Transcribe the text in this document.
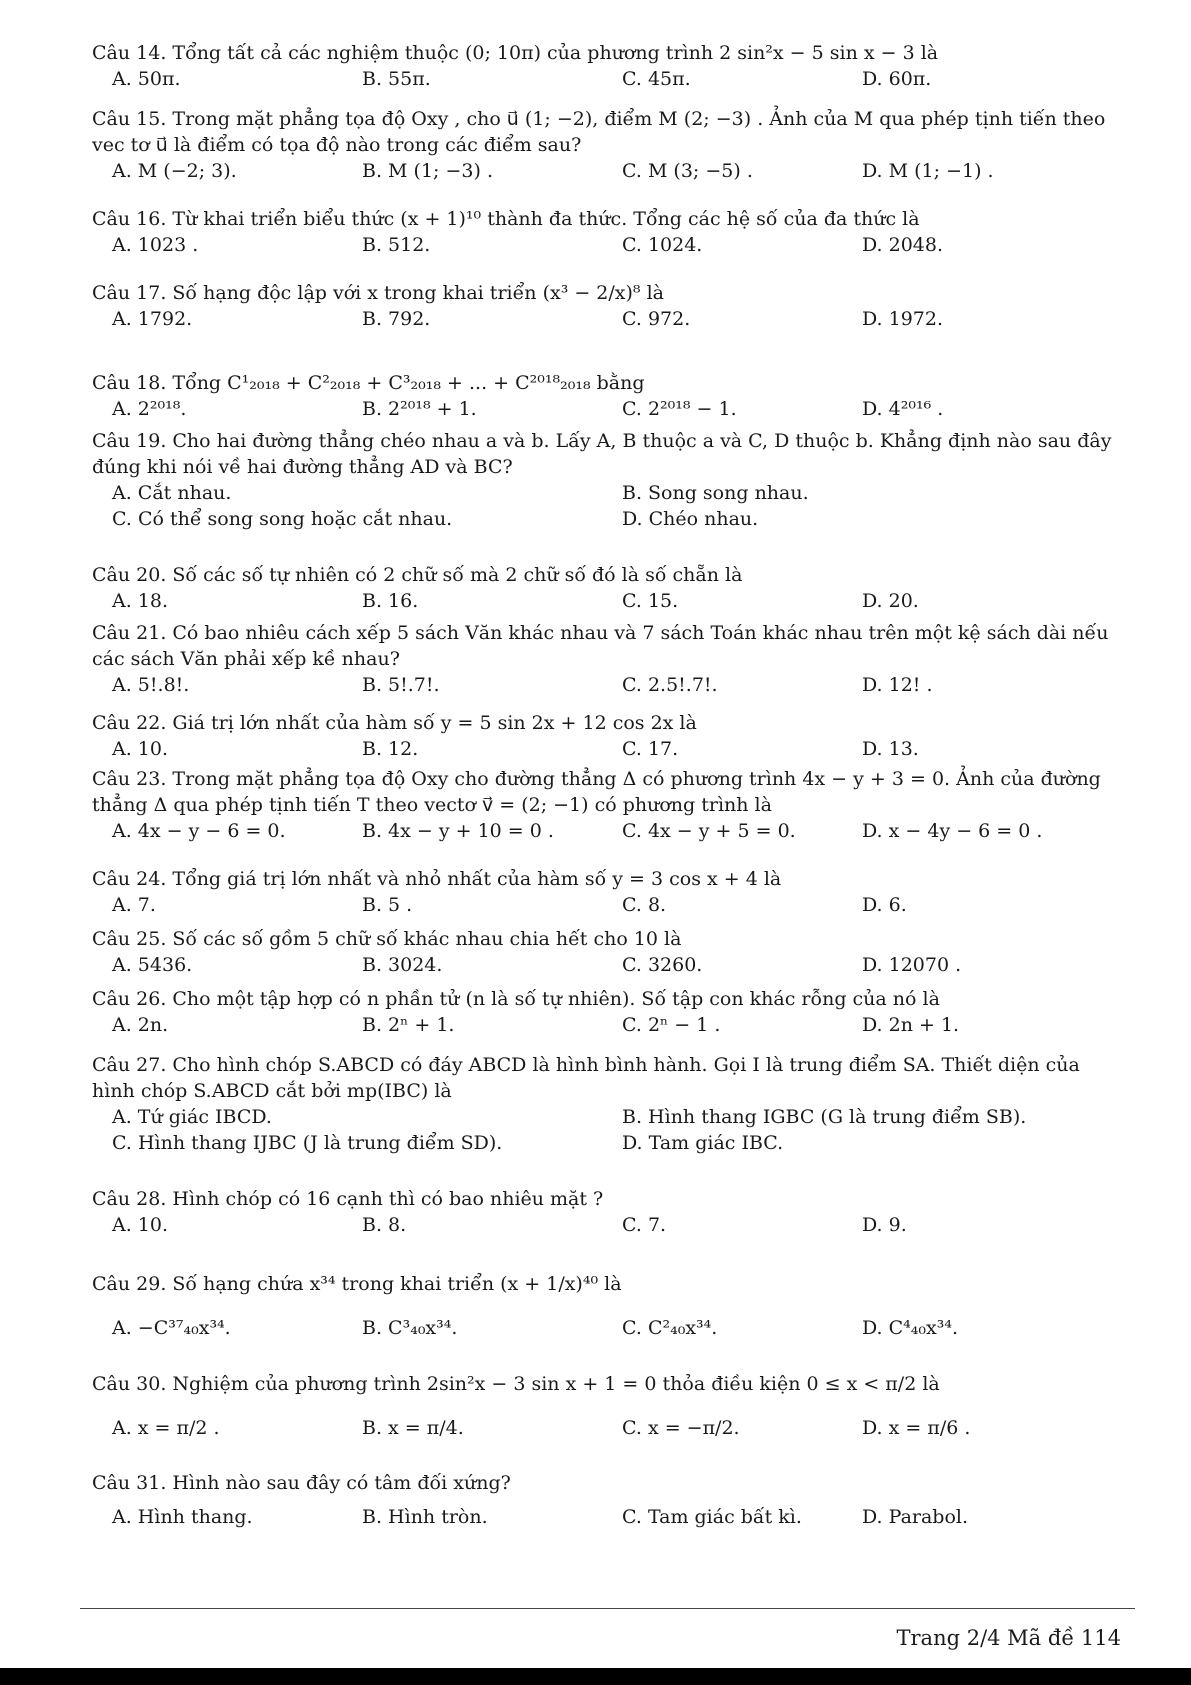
Câu 14. Tổng tất cả các nghiệm thuộc (0; 10π) của phương trình 2 sin²x − 5 sin x − 3 là
A. 50π.	B. 55π.	C. 45π.	D. 60π.
Câu 15. Trong mặt phẳng tọa độ Oxy , cho u⃗ (1; −2), điểm M (2; −3) . Ảnh của M qua phép tịnh tiến theo vec tơ u⃗ là điểm có tọa độ nào trong các điểm sau?
A. M (−2; 3).	B. M (1; −3) .	C. M (3; −5) .	D. M (1; −1) .
Câu 16. Từ khai triển biểu thức (x + 1)¹⁰ thành đa thức. Tổng các hệ số của đa thức là
A. 1023 .	B. 512.	C. 1024.	D. 2048.
Câu 17. Số hạng độc lập với x trong khai triển (x³ − 2/x)⁸ là
A. 1792.	B. 792.	C. 972.	D. 1972.
Câu 18. Tổng C¹₂₀₁₈ + C²₂₀₁₈ + C³₂₀₁₈ + ... + C²⁰¹⁸₂₀₁₈ bằng
A. 2²⁰¹⁸.	B. 2²⁰¹⁸ + 1.	C. 2²⁰¹⁸ − 1.	D. 4²⁰¹⁶ .
Câu 19. Cho hai đường thẳng chéo nhau a và b. Lấy A, B thuộc a và C, D thuộc b. Khẳng định nào sau đây đúng khi nói về hai đường thẳng AD và BC?
A. Cắt nhau.	B. Song song nhau.
C. Có thể song song hoặc cắt nhau.	D. Chéo nhau.
Câu 20. Số các số tự nhiên có 2 chữ số mà 2 chữ số đó là số chẵn là
A. 18.	B. 16.	C. 15.	D. 20.
Câu 21. Có bao nhiêu cách xếp 5 sách Văn khác nhau và 7 sách Toán khác nhau trên một kệ sách dài nếu các sách Văn phải xếp kề nhau?
A. 5!.8!.	B. 5!.7!.	C. 2.5!.7!.	D. 12! .
Câu 22. Giá trị lớn nhất của hàm số y = 5 sin 2x + 12 cos 2x là
A. 10.	B. 12.	C. 17.	D. 13.
Câu 23. Trong mặt phẳng tọa độ Oxy cho đường thẳng Δ có phương trình 4x − y + 3 = 0. Ảnh của đường thẳng Δ qua phép tịnh tiến T theo vectơ v⃗ = (2; −1) có phương trình là
A. 4x − y − 6 = 0.	B. 4x − y + 10 = 0 .	C. 4x − y + 5 = 0.	D. x − 4y − 6 = 0 .
Câu 24. Tổng giá trị lớn nhất và nhỏ nhất của hàm số y = 3 cos x + 4 là
A. 7.	B. 5 .	C. 8.	D. 6.
Câu 25. Số các số gồm 5 chữ số khác nhau chia hết cho 10 là
A. 5436.	B. 3024.	C. 3260.	D. 12070 .
Câu 26. Cho một tập hợp có n phần tử (n là số tự nhiên). Số tập con khác rỗng của nó là
A. 2n.	B. 2ⁿ + 1.	C. 2ⁿ − 1 .	D. 2n + 1.
Câu 27. Cho hình chóp S.ABCD có đáy ABCD là hình bình hành. Gọi I là trung điểm SA. Thiết diện của hình chóp S.ABCD cắt bởi mp(IBC) là
A. Tứ giác IBCD.	B. Hình thang IGBC (G là trung điểm SB).
C. Hình thang IJBC (J là trung điểm SD).	D. Tam giác IBC.
Câu 28. Hình chóp có 16 cạnh thì có bao nhiêu mặt ?
A. 10.	B. 8.	C. 7.	D. 9.
Câu 29. Số hạng chứa x³⁴ trong khai triển (x + 1/x)⁴⁰ là
A. −C³⁷₄₀x³⁴.	B. C³₄₀x³⁴.	C. C²₄₀x³⁴.	D. C⁴₄₀x³⁴.
Câu 30. Nghiệm của phương trình 2sin²x − 3 sin x + 1 = 0 thỏa điều kiện 0 ≤ x < π/2 là
A. x = π/2 .	B. x = π/4.	C. x = −π/2.	D. x = π/6 .
Câu 31. Hình nào sau đây có tâm đối xứng?
A. Hình thang.	B. Hình tròn.	C. Tam giác bất kì.	D. Parabol.
Trang 2/4 Mã đề 114
